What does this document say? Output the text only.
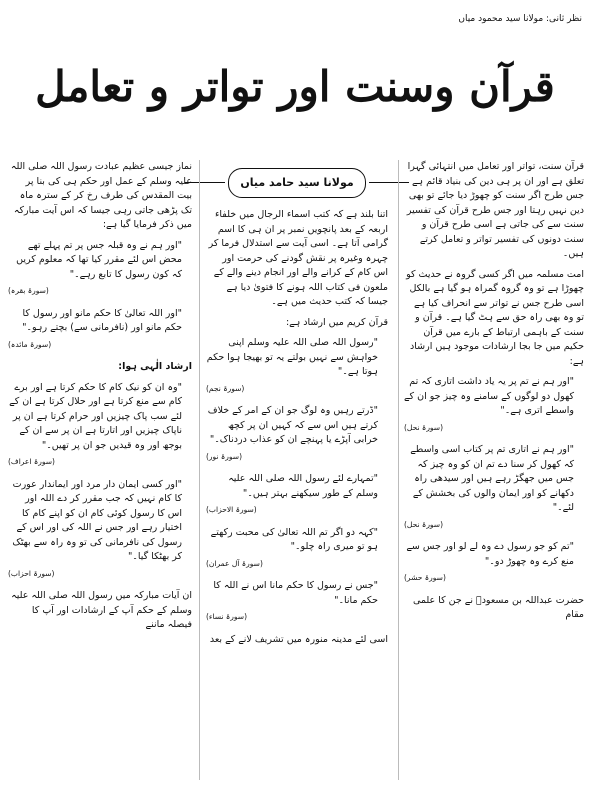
نظر ثانی: مولانا سید محمود میاں
قرآن وسنت اور تواتر و تعامل
مولانا سید حامد میاں

قرآن سنت، تواتر اور تعامل میں انتہائی گہرا تعلق ہے اور ان پر ہی دین کی بنیاد قائم ہے جس طرح اگر سنت کو چھوڑ دیا جائے تو بھی دین نہیں رہتا اور جس طرح قرآن کی تفسیر سنت سے کی جاتی ہے اسی طرح قرآن و سنت دونوں کی تفسیر تواتر و تعامل کرتے ہیں۔

امت مسلمہ میں اگر کسی گروہ نے حدیث کو چھوڑا ہے تو وہ گروہ گمراہ ہو گیا ہے بالکل اسی طرح جس نے تواتر سے انحراف کیا ہے تو وہ بھی راہ حق سے ہٹ گیا ہے۔ قرآن و سنت کے باہمی ارتباط کے بارے میں قرآن حکیم میں جا بجا ارشادات موجود ہیں ارشاد ہے:

"اور ہم نے تم پر یہ یاد داشت اتاری کہ تم کھول دو لوگوں کے سامنے وہ چیز جو ان کے واسطے اتری ہے۔"

(سورۃ نحل)

"اور ہم نے اتاری تم پر کتاب اسی واسطے کہ کھول کر سنا دے تم ان کو وہ چیز کہ جس میں جھگڑ رہے ہیں اور سیدھی راہ دکھانے کو اور ایمان والوں کی بخشش کے لئے۔"

(سورۃ نحل)

"تم کو جو رسول دے وہ لے لو اور جس سے منع کرے وہ چھوڑ دو۔"

(سورۃ حشر)

حضرت عبداللہ بن مسعودؓ نے جن کا علمی مقام

اتنا بلند ہے کہ کتب اسماء الرجال میں خلفاء اربعہ کے بعد پانچویں نمبر پر ان ہی کا اسم گرامی آتا ہے۔ اسی آیت سے استدلال فرما کر چہرہ وغیرہ پر نقش گودنے کی حرمت اور اس کام کے کرانے والے اور انجام دینے والے کے ملعون فی کتاب اللہ ہونے کا فتویٰ دیا ہے جیسا کہ کتب حدیث میں ہے۔

قرآن کریم میں ارشاد ہے:

"رسول اللہ صلی اللہ علیہ وسلم اپنی خواہش سے نہیں بولتے یہ تو بھیجا ہوا حکم ہوتا ہے۔"

(سورۃ نجم)

"ڈرتے رہیں وہ لوگ جو ان کے امر کے خلاف کرتے ہیں اس سے کہ کہیں ان پر کچھ خرابی آپڑے یا پہنچے ان کو عذاب دردناک۔"

(سورۃ نور)

"تمہارے لئے رسول اللہ صلی اللہ علیہ وسلم کے طور سیکھنے بہتر ہیں۔"

(سورۃ الاحزاب)

"کہہ دو اگر تم اللہ تعالیٰ کی محبت رکھتے ہو تو میری راہ چلو۔"

(سورۃ آل عمران)

"جس نے رسول کا حکم مانا اس نے اللہ کا حکم مانا۔"

(سورۃ نساء)

اسی لئے مدینہ منورہ میں تشریف لانے کے بعد

نماز جیسی عظیم عبادت رسول اللہ صلی اللہ علیہ وسلم کے عمل اور حکم ہی کی بنا پر بیت المقدس کی طرف رخ کر کے سترہ ماہ تک پڑھی جاتی رہی جیسا کہ اس آیت مبارکہ میں ذکر فرمایا گیا ہے:

"اور ہم نے وہ قبلہ جس پر تم پہلے تھے محض اس لئے مقرر کیا تھا کہ معلوم کریں کہ کون رسول کا تابع رہے۔"

(سورۃ بقرہ)

"اور اللہ تعالیٰ کا حکم مانو اور رسول کا حکم مانو اور (نافرمانی سے) بچتے رہو۔"

(سورۃ مائدہ)

ارشاد الٰہی ہوا:

"وہ ان کو نیک کام کا حکم کرتا ہے اور برے کام سے منع کرتا ہے اور حلال کرتا ہے ان کے لئے سب پاک چیزیں اور حرام کرتا ہے ان پر ناپاک چیزیں اور اتارتا ہے ان پر سے ان کے بوجھ اور وہ قیدیں جو ان پر تھیں۔"

(سورۃ اعراف)

"اور کسی ایمان دار مرد اور ایماندار عورت کا کام نہیں کہ جب مقرر کر دے اللہ اور اس کا رسول کوئی کام ان کو اپنے کام کا اختیار رہے اور جس نے اللہ کی اور اس کے رسول کی نافرمانی کی تو وہ راہ سے بھٹک کر بھٹکا گیا۔"

(سورۃ احزاب)

ان آیات مبارکہ میں رسول اللہ صلی اللہ علیہ وسلم کے حکم آپ کے ارشادات اور آپ کا فیصلہ ماننے
